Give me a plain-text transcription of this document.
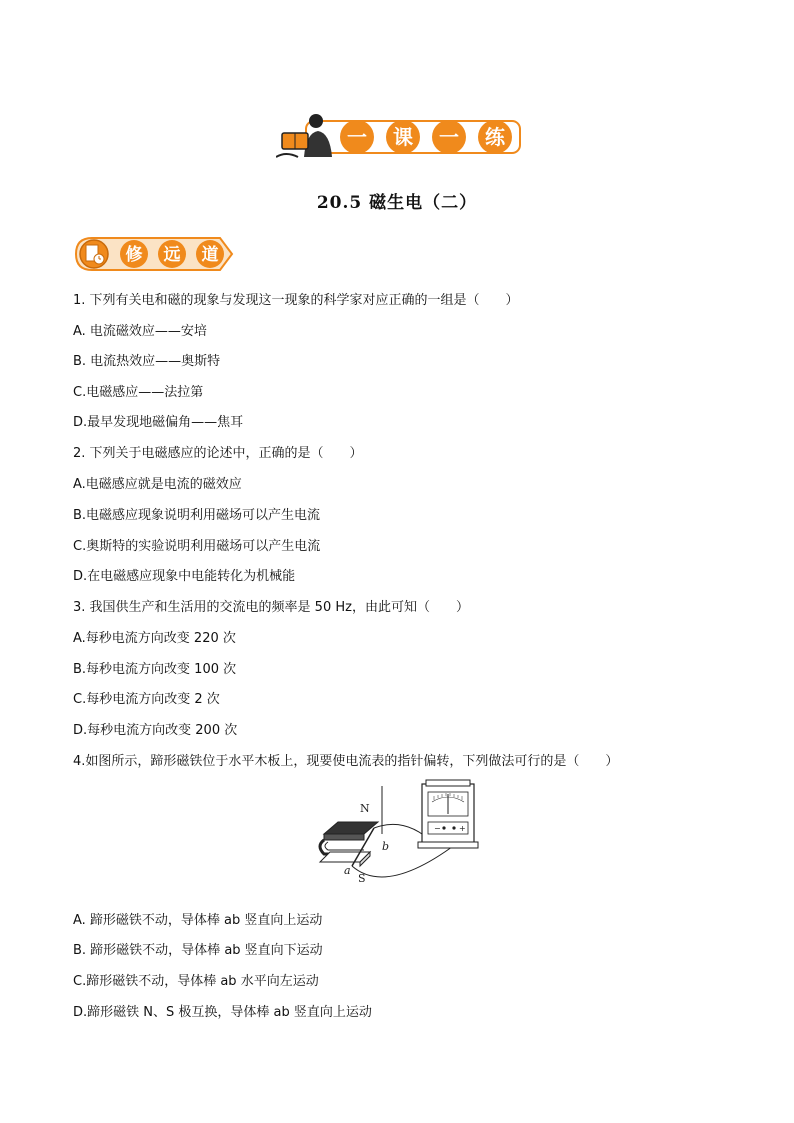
一 课 一 练
20.5 磁生电（二）
修 远 道
1. 下列有关电和磁的现象与发现这一现象的科学家对应正确的一组是（　　）
A. 电流磁效应——安培
B. 电流热效应——奥斯特
C.电磁感应——法拉第
D.最早发现地磁偏角——焦耳
2. 下列关于电磁感应的论述中，正确的是（　　）
A.电磁感应就是电流的磁效应
B.电磁感应现象说明利用磁场可以产生电流
C.奥斯特的实验说明利用磁场可以产生电流
D.在电磁感应现象中电能转化为机械能
3. 我国供生产和生活用的交流电的频率是 50 Hz，由此可知（　　）
A.每秒电流方向改变 220 次
B.每秒电流方向改变 100 次
C.每秒电流方向改变 2 次
D.每秒电流方向改变 200 次
4.如图所示，蹄形磁铁位于水平木板上，现要使电流表的指针偏转，下列做法可行的是（　　）
A. 蹄形磁铁不动，导体棒 ab 竖直向上运动
B. 蹄形磁铁不动，导体棒 ab 竖直向下运动
C.蹄形磁铁不动，导体棒 ab 水平向左运动
D.蹄形磁铁 N、S 极互换，导体棒 ab 竖直向上运动
− +
N
S
a
b
